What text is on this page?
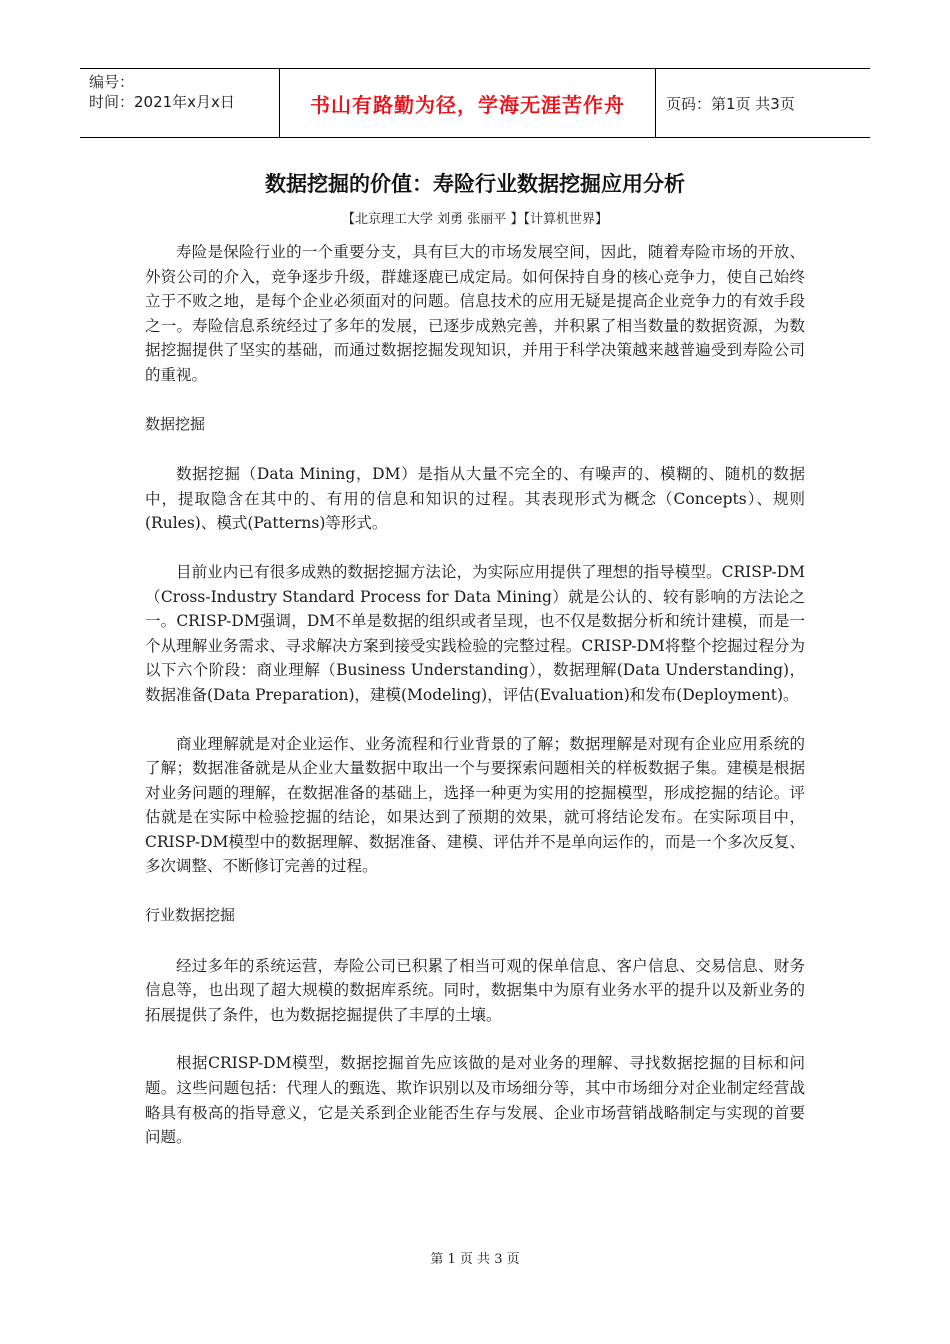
编号：
时间：2021年x月x日	书山有路勤为径，学海无涯苦作舟	页码：第1页 共3页
数据挖掘的价值：寿险行业数据挖掘应用分析
【北京理工大学 刘勇 张丽平 】【计算机世界】

寿险是保险行业的一个重要分支，具有巨大的市场发展空间，因此，随着寿险市场的开放、外资公司的介入，竞争逐步升级，群雄逐鹿已成定局。如何保持自身的核心竞争力，使自己始终立于不败之地，是每个企业必须面对的问题。信息技术的应用无疑是提高企业竞争力的有效手段之一。寿险信息系统经过了多年的发展，已逐步成熟完善，并积累了相当数量的数据资源，为数据挖掘提供了坚实的基础，而通过数据挖掘发现知识，并用于科学决策越来越普遍受到寿险公司的重视。

数据挖掘

数据挖掘（Data Mining，DM）是指从大量不完全的、有噪声的、模糊的、随机的数据中，提取隐含在其中的、有用的信息和知识的过程。其表现形式为概念（Concepts）、规则(Rules)、模式(Patterns)等形式。

目前业内已有很多成熟的数据挖掘方法论，为实际应用提供了理想的指导模型。CRISP-DM（Cross-Industry Standard Process for Data Mining）就是公认的、较有影响的方法论之一。CRISP-DM强调，DM不单是数据的组织或者呈现，也不仅是数据分析和统计建模，而是一个从理解业务需求、寻求解决方案到接受实践检验的完整过程。CRISP-DM将整个挖掘过程分为以下六个阶段：商业理解（Business Understanding），数据理解(Data Understanding)，数据准备(Data Preparation)，建模(Modeling)，评估(Evaluation)和发布(Deployment)。

商业理解就是对企业运作、业务流程和行业背景的了解；数据理解是对现有企业应用系统的了解；数据准备就是从企业大量数据中取出一个与要探索问题相关的样板数据子集。建模是根据对业务问题的理解，在数据准备的基础上，选择一种更为实用的挖掘模型，形成挖掘的结论。评估就是在实际中检验挖掘的结论，如果达到了预期的效果，就可将结论发布。在实际项目中，CRISP-DM模型中的数据理解、数据准备、建模、评估并不是单向运作的，而是一个多次反复、多次调整、不断修订完善的过程。

行业数据挖掘

经过多年的系统运营，寿险公司已积累了相当可观的保单信息、客户信息、交易信息、财务信息等，也出现了超大规模的数据库系统。同时，数据集中为原有业务水平的提升以及新业务的拓展提供了条件，也为数据挖掘提供了丰厚的土壤。

根据CRISP-DM模型，数据挖掘首先应该做的是对业务的理解、寻找数据挖掘的目标和问题。这些问题包括：代理人的甄选、欺诈识别以及市场细分等，其中市场细分对企业制定经营战略具有极高的指导意义，它是关系到企业能否生存与发展、企业市场营销战略制定与实现的首要问题。

第 1 页 共 3 页
